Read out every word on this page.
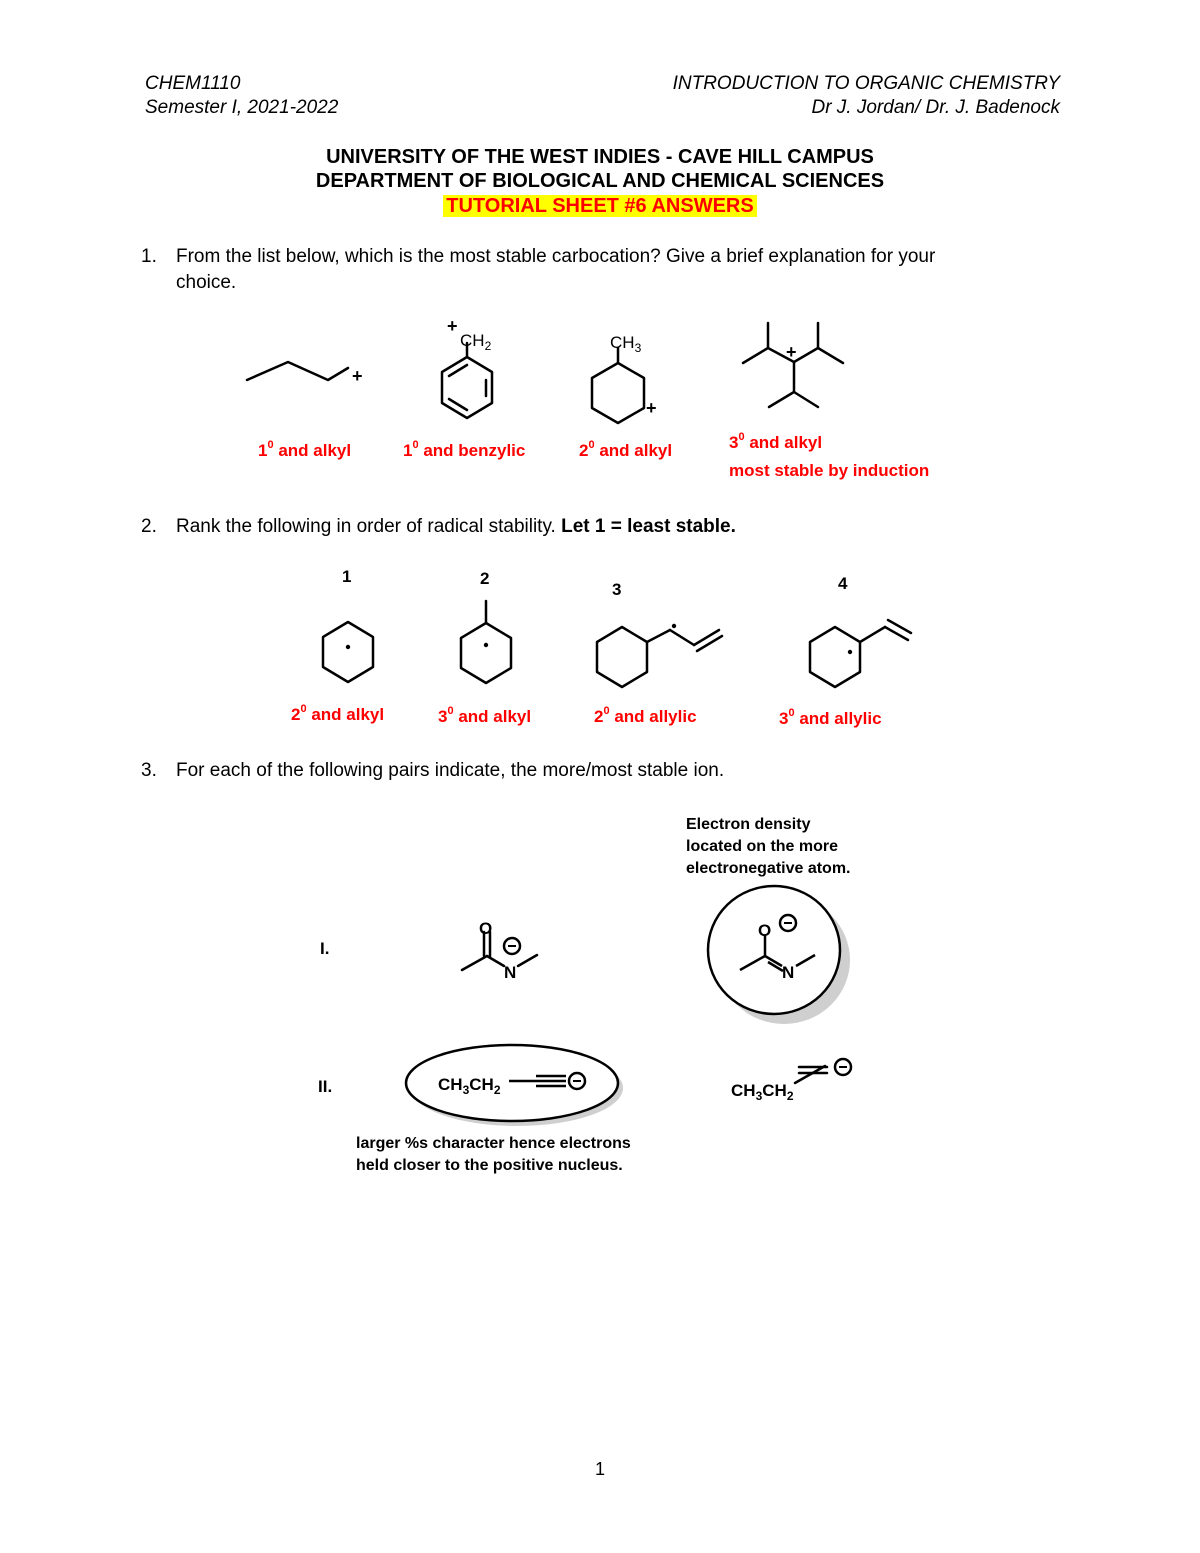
CHEM1110
Semester I, 2021-2022
INTRODUCTION TO ORGANIC CHEMISTRY
Dr J. Jordan/ Dr. J. Badenock
UNIVERSITY OF THE WEST INDIES - CAVE HILL CAMPUS
DEPARTMENT OF BIOLOGICAL AND CHEMICAL SCIENCES
TUTORIAL SHEET #6 ANSWERS
1. From the list below, which is the most stable carbocation? Give a brief explanation for your
choice.
2. Rank the following in order of radical stability. Let 1 = least stable.
3. For each of the following pairs indicate, the more/most stable ion.
+
+
$CH_2$	$CH_3$
+
+
1	2
3	4
O
N
O
N
I.
II.	$CH_3CH_2$	$CH_3CH_2$
$1^0$ and alkyl	$1^0$ and benzylic	$2^0$ and alkyl	$3^0$ and alkyl
most stable by induction
$2^0$ and alkyl	$3^0$ and alkyl	$2^0$ and allylic	$3^0$ and allylic
Electron density
located on the more
electronegative atom.
larger %s character hence electrons
held closer to the positive nucleus.
1
